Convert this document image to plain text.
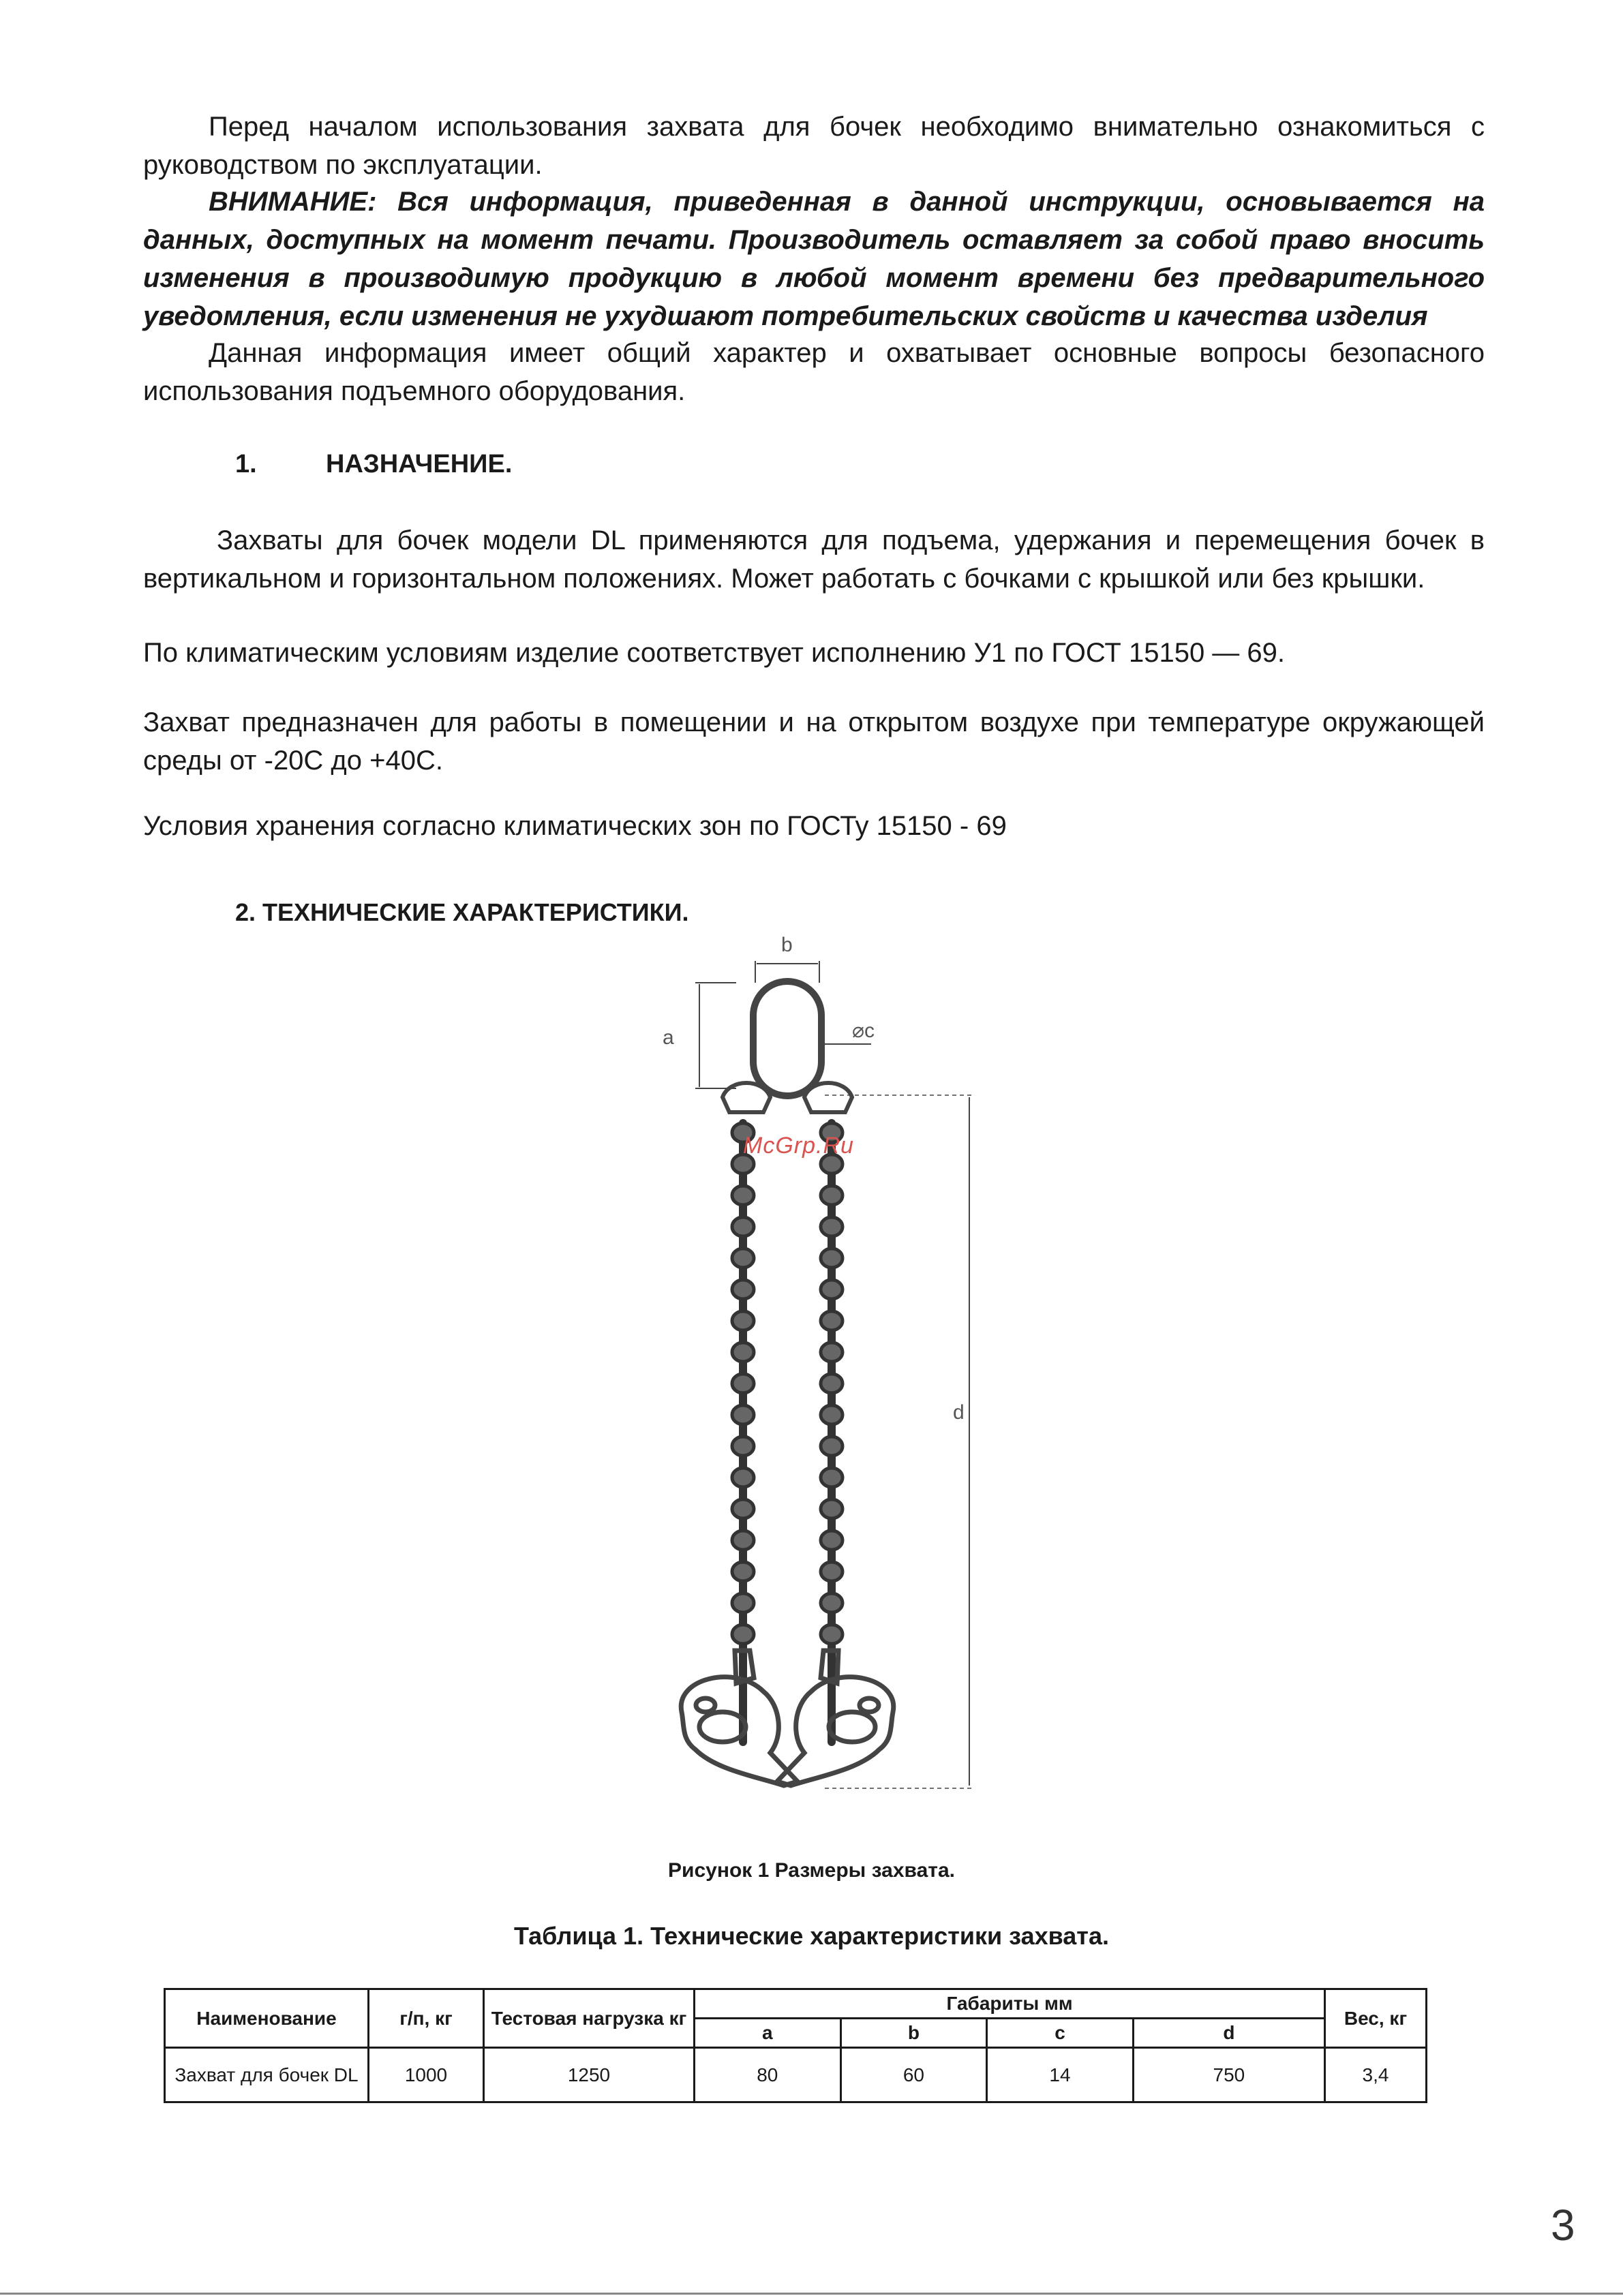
Перед началом использования захвата для бочек необходимо внимательно ознакомиться с руководством по эксплуатации.

ВНИМАНИЕ: Вся информация, приведенная в данной инструкции, основывается на данных, доступных на момент печати. Производитель оставляет за собой право вносить изменения в производимую продукцию в любой момент времени без предварительного уведомления, если изменения не ухудшают потребительских свойств и качества изделия

Данная информация имеет общий характер и охватывает основные вопросы безопасного использования подъемного оборудования.

1.	НАЗНАЧЕНИЕ.

Захваты для бочек модели DL применяются для подъема, удержания и перемещения бочек в вертикальном и горизонтальном положениях. Может работать с бочками с крышкой или без крышки.

По климатическим условиям изделие соответствует исполнению У1 по ГОСТ 15150 — 69.

Захват предназначен для работы в помещении и на открытом воздухе при температуре окружающей среды от -20С до +40С.

Условия хранения согласно климатических зон по ГОСТу 15150 - 69

2. ТЕХНИЧЕСКИЕ ХАРАКТЕРИСТИКИ.
b
a	⌀c
d
McGrp.Ru

Рисунок 1 Размеры захвата.

Таблица 1. Технические характеристики захвата.

Наименование	г/п, кг	Тестовая нагрузка кг	Габариты мм				Вес, кг
			a	b	c	d	
Захват для бочек DL	1000	1250	80	60	14	750	3,4
3
